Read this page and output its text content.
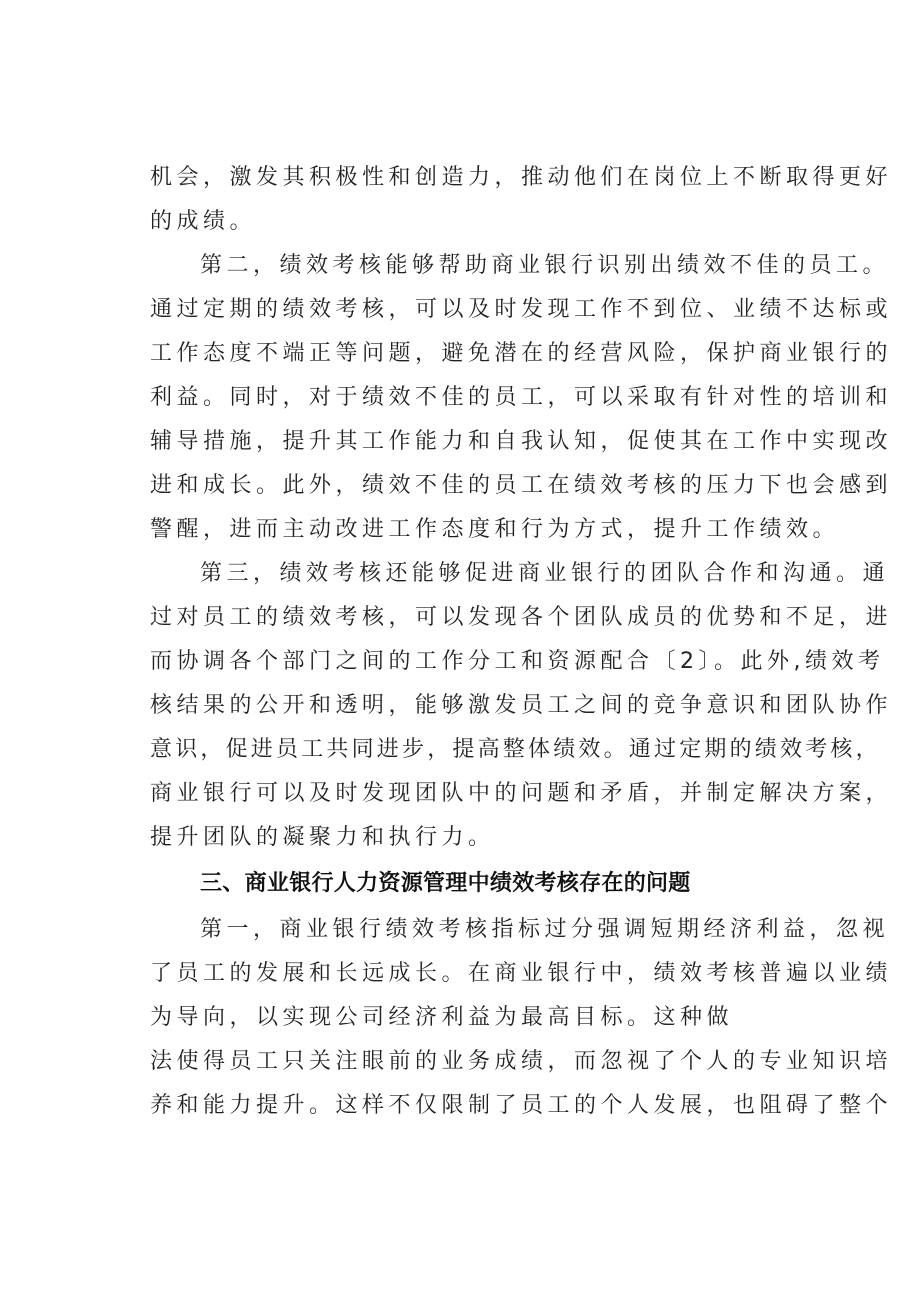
机会，激发其积极性和创造力，推动他们在岗位上不断取得更好
的成绩。
第二，绩效考核能够帮助商业银行识别出绩效不佳的员工。
通过定期的绩效考核，可以及时发现工作不到位、业绩不达标或
工作态度不端正等问题，避免潜在的经营风险，保护商业银行的
利益。同时，对于绩效不佳的员工，可以采取有针对性的培训和
辅导措施，提升其工作能力和自我认知，促使其在工作中实现改
进和成长。此外，绩效不佳的员工在绩效考核的压力下也会感到
警醒，进而主动改进工作态度和行为方式，提升工作绩效。
第三，绩效考核还能够促进商业银行的团队合作和沟通。通
过对员工的绩效考核，可以发现各个团队成员的优势和不足，进
而协调各个部门之间的工作分工和资源配合〔2〕。此外,绩效考
核结果的公开和透明，能够激发员工之间的竞争意识和团队协作
意识，促进员工共同进步，提高整体绩效。通过定期的绩效考核，
商业银行可以及时发现团队中的问题和矛盾，并制定解决方案，
提升团队的凝聚力和执行力。
三、商业银行人力资源管理中绩效考核存在的问题
第一，商业银行绩效考核指标过分强调短期经济利益，忽视
了员工的发展和长远成长。在商业银行中，绩效考核普遍以业绩
为导向，以实现公司经济利益为最高目标。这种做
法使得员工只关注眼前的业务成绩，而忽视了个人的专业知识培
养和能力提升。这样不仅限制了员工的个人发展，也阻碍了整个
